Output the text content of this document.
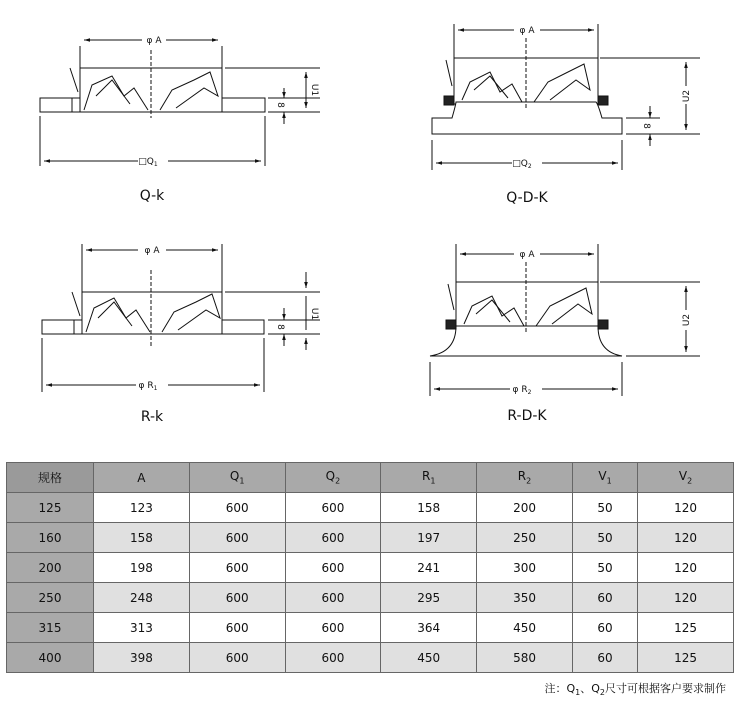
φ A
$□Q_1$
U1
8
Q-k
φ A
$□Q_2$
U2
8
Q-D-K
φ A
φ $R_1$
U1
8
R-k
φ A
φ $R_2$
U2
R-D-K
规格	A	$Q_1$	$Q_2$	$R_1$	$R_2$	$V_1$	$V_2$
125	123	600	600	158	200	50	120
160	158	600	600	197	250	50	120
200	198	600	600	241	300	50	120
250	248	600	600	295	350	60	120
315	313	600	600	364	450	60	125
400	398	600	600	450	580	60	125
注：$Q_1$、$Q_2$尺寸可根据客户要求制作
